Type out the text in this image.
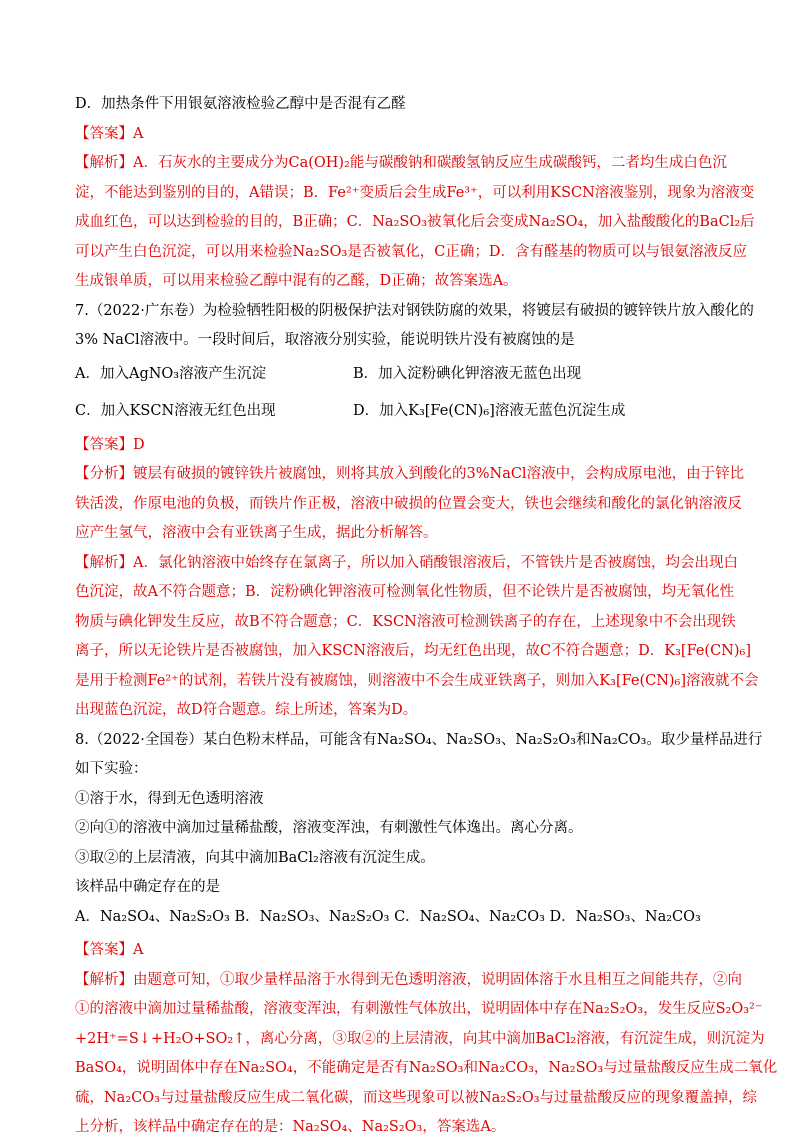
D．加热条件下用银氨溶液检验乙醇中是否混有乙醛
【答案】A
【解析】A．石灰水的主要成分为Ca(OH)₂能与碳酸钠和碳酸氢钠反应生成碳酸钙，二者均生成白色沉
淀，不能达到鉴别的目的，A错误；B．Fe²⁺变质后会生成Fe³⁺，可以利用KSCN溶液鉴别，现象为溶液变
成血红色，可以达到检验的目的，B正确；C．Na₂SO₃被氧化后会变成Na₂SO₄，加入盐酸酸化的BaCl₂后
可以产生白色沉淀，可以用来检验Na₂SO₃是否被氧化，C正确；D．含有醛基的物质可以与银氨溶液反应
生成银单质，可以用来检验乙醇中混有的乙醛，D正确；故答案选A。
7.（2022·广东卷）为检验牺牲阳极的阴极保护法对钢铁防腐的效果，将镀层有破损的镀锌铁片放入酸化的
3% NaCl溶液中。一段时间后，取溶液分别实验，能说明铁片没有被腐蚀的是
A．加入AgNO₃溶液产生沉淀	B．加入淀粉碘化钾溶液无蓝色出现
C．加入KSCN溶液无红色出现	D．加入K₃[Fe(CN)₆]溶液无蓝色沉淀生成
【答案】D
【分析】镀层有破损的镀锌铁片被腐蚀，则将其放入到酸化的3%NaCl溶液中，会构成原电池，由于锌比
铁活泼，作原电池的负极，而铁片作正极，溶液中破损的位置会变大，铁也会继续和酸化的氯化钠溶液反
应产生氢气，溶液中会有亚铁离子生成，据此分析解答。
【解析】A．氯化钠溶液中始终存在氯离子，所以加入硝酸银溶液后，不管铁片是否被腐蚀，均会出现白
色沉淀，故A不符合题意；B．淀粉碘化钾溶液可检测氧化性物质，但不论铁片是否被腐蚀，均无氧化性
物质与碘化钾发生反应，故B不符合题意；C．KSCN溶液可检测铁离子的存在，上述现象中不会出现铁
离子，所以无论铁片是否被腐蚀，加入KSCN溶液后，均无红色出现，故C不符合题意；D．K₃[Fe(CN)₆]
是用于检测Fe²⁺的试剂，若铁片没有被腐蚀，则溶液中不会生成亚铁离子，则加入K₃[Fe(CN)₆]溶液就不会
出现蓝色沉淀，故D符合题意。综上所述，答案为D。
8.（2022·全国卷）某白色粉末样品，可能含有Na₂SO₄、Na₂SO₃、Na₂S₂O₃和Na₂CO₃。取少量样品进行
如下实验：
①溶于水，得到无色透明溶液
②向①的溶液中滴加过量稀盐酸，溶液变浑浊，有刺激性气体逸出。离心分离。
③取②的上层清液，向其中滴加BaCl₂溶液有沉淀生成。
该样品中确定存在的是
A．Na₂SO₄、Na₂S₂O₃ B．Na₂SO₃、Na₂S₂O₃ C．Na₂SO₄、Na₂CO₃ D．Na₂SO₃、Na₂CO₃
【答案】A
【解析】由题意可知，①取少量样品溶于水得到无色透明溶液，说明固体溶于水且相互之间能共存，②向
①的溶液中滴加过量稀盐酸，溶液变浑浊，有刺激性气体放出，说明固体中存在Na₂S₂O₃，发生反应S₂O₃²⁻
+2H⁺=S↓+H₂O+SO₂↑，离心分离，③取②的上层清液，向其中滴加BaCl₂溶液，有沉淀生成，则沉淀为
BaSO₄，说明固体中存在Na₂SO₄，不能确定是否有Na₂SO₃和Na₂CO₃，Na₂SO₃与过量盐酸反应生成二氧化
硫，Na₂CO₃与过量盐酸反应生成二氧化碳，而这些现象可以被Na₂S₂O₃与过量盐酸反应的现象覆盖掉，综
上分析，该样品中确定存在的是：Na₂SO₄、Na₂S₂O₃，答案选A。
